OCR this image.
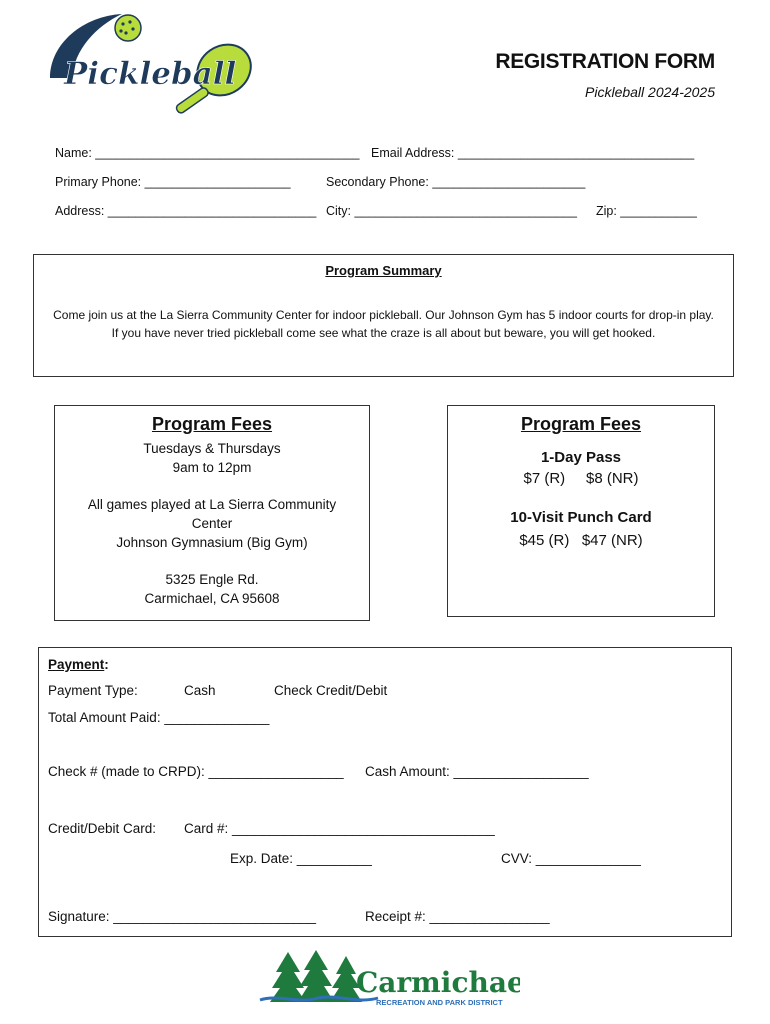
Pickleball	REGISTRATION FORM
Pickleball 2024-2025
Name: ______________________________________ Email Address: __________________________________
Primary Phone: _____________________	Secondary Phone: ______________________
Address: ______________________________ City: ________________________________ Zip: ___________
Program Summary
Come join us at the La Sierra Community Center for indoor pickleball. Our Johnson Gym has 5 indoor courts for drop-in play. If you have never tried pickleball come see what the craze is all about but beware, you will get hooked.
Program Fees
Tuesdays & Thursdays
9am to 12pm
All games played at La Sierra Community
Center
Johnson Gymnasium (Big Gym)
5325 Engle Rd.
Carmichael, CA 95608
Program Fees
1-Day Pass
$7 (R)     $8 (NR)
10-Visit Punch Card
$45 (R)   $47 (NR)
Payment:
Payment Type:	Cash	Check Credit/Debit
Total Amount Paid: ______________
Check # (made to CRPD): __________________ Cash Amount: __________________
Credit/Debit Card: Card #: ___________________________________
Exp. Date: __________	CVV: ______________
Signature: ___________________________	Receipt #: ________________
Carmichael
RECREATION AND PARK DISTRICT
